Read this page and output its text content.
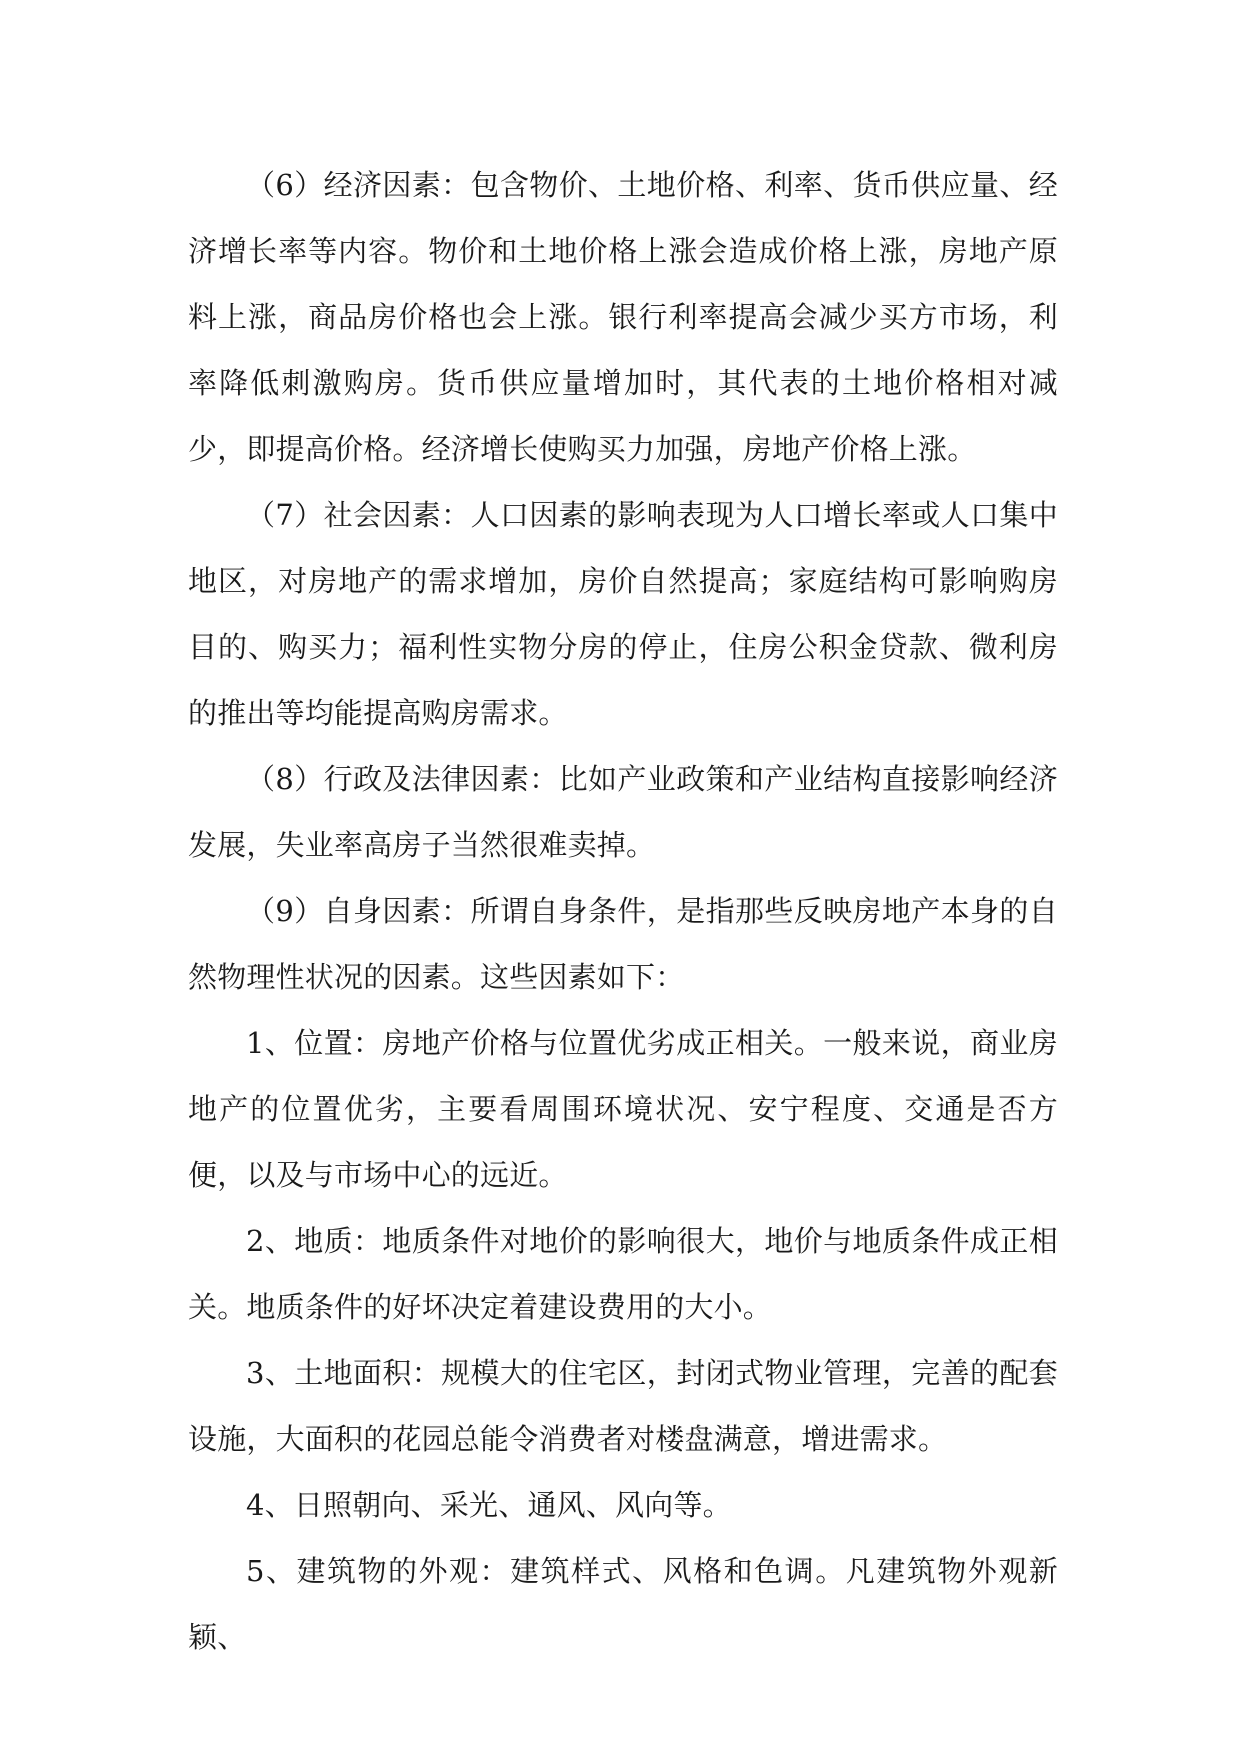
（6）经济因素：包含物价、土地价格、利率、货币供应量、经济增长率等内容。物价和土地价格上涨会造成价格上涨，房地产原料上涨，商品房价格也会上涨。银行利率提高会减少买方市场，利率降低刺激购房。货币供应量增加时，其代表的土地价格相对减少，即提高价格。经济增长使购买力加强，房地产价格上涨。

（7）社会因素：人口因素的影响表现为人口增长率或人口集中地区，对房地产的需求增加，房价自然提高；家庭结构可影响购房目的、购买力；福利性实物分房的停止，住房公积金贷款、微利房的推出等均能提高购房需求。

（8）行政及法律因素：比如产业政策和产业结构直接影响经济发展，失业率高房子当然很难卖掉。

（9）自身因素：所谓自身条件，是指那些反映房地产本身的自然物理性状况的因素。这些因素如下：

1、位置：房地产价格与位置优劣成正相关。一般来说，商业房地产的位置优劣，主要看周围环境状况、安宁程度、交通是否方便，以及与市场中心的远近。

2、地质：地质条件对地价的影响很大，地价与地质条件成正相关。地质条件的好坏决定着建设费用的大小。

3、土地面积：规模大的住宅区，封闭式物业管理，完善的配套设施，大面积的花园总能令消费者对楼盘满意，增进需求。

4、日照朝向、采光、通风、风向等。

5、建筑物的外观：建筑样式、风格和色调。凡建筑物外观新颖、
